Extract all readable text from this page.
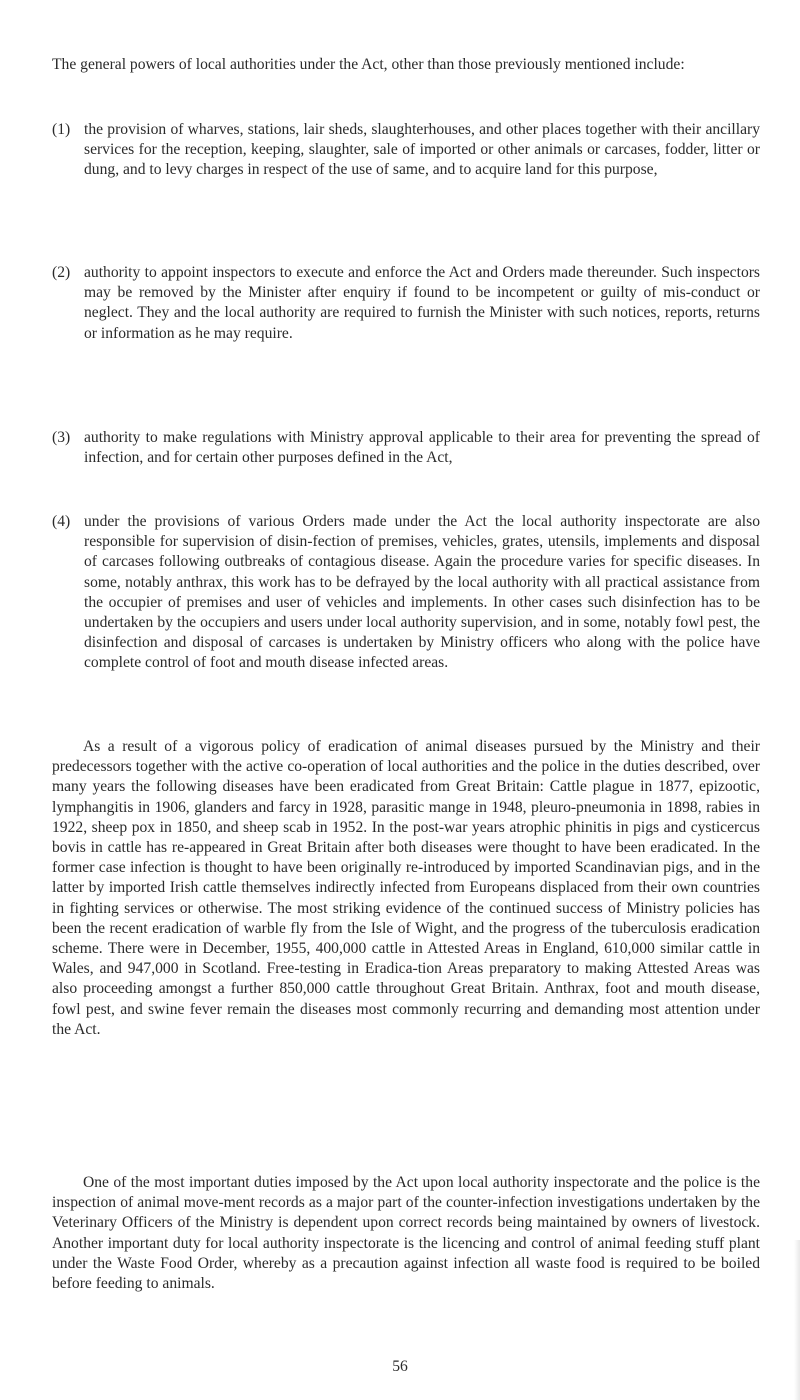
The general powers of local authorities under the Act, other than those previously mentioned include:

(1) the provision of wharves, stations, lair sheds, slaughterhouses, and other places together with their ancillary services for the reception, keeping, slaughter, sale of imported or other animals or carcases, fodder, litter or dung, and to levy charges in respect of the use of same, and to acquire land for this purpose,
(2) authority to appoint inspectors to execute and enforce the Act and Orders made thereunder. Such inspectors may be removed by the Minister after enquiry if found to be incompetent or guilty of mis-conduct or neglect. They and the local authority are required to furnish the Minister with such notices, reports, returns or information as he may require.
(3) authority to make regulations with Ministry approval applicable to their area for preventing the spread of infection, and for certain other purposes defined in the Act,
(4) under the provisions of various Orders made under the Act the local authority inspectorate are also responsible for supervision of disin-fection of premises, vehicles, grates, utensils, implements and disposal of carcases following outbreaks of contagious disease. Again the procedure varies for specific diseases. In some, notably anthrax, this work has to be defrayed by the local authority with all practical assistance from the occupier of premises and user of vehicles and implements. In other cases such disinfection has to be undertaken by the occupiers and users under local authority supervision, and in some, notably fowl pest, the disinfection and disposal of carcases is undertaken by Ministry officers who along with the police have complete control of foot and mouth disease infected areas.

As a result of a vigorous policy of eradication of animal diseases pursued by the Ministry and their predecessors together with the active co-operation of local authorities and the police in the duties described, over many years the following diseases have been eradicated from Great Britain: Cattle plague in 1877, epizootic, lymphangitis in 1906, glanders and farcy in 1928, parasitic mange in 1948, pleuro-pneumonia in 1898, rabies in 1922, sheep pox in 1850, and sheep scab in 1952. In the post-war years atrophic phinitis in pigs and cysticercus bovis in cattle has re-appeared in Great Britain after both diseases were thought to have been eradicated. In the former case infection is thought to have been originally re-introduced by imported Scandinavian pigs, and in the latter by imported Irish cattle themselves indirectly infected from Europeans displaced from their own countries in fighting services or otherwise. The most striking evidence of the continued success of Ministry policies has been the recent eradication of warble fly from the Isle of Wight, and the progress of the tuberculosis eradication scheme. There were in December, 1955, 400,000 cattle in Attested Areas in England, 610,000 similar cattle in Wales, and 947,000 in Scotland. Free-testing in Eradica-tion Areas preparatory to making Attested Areas was also proceeding amongst a further 850,000 cattle throughout Great Britain. Anthrax, foot and mouth disease, fowl pest, and swine fever remain the diseases most commonly recurring and demanding most attention under the Act.

One of the most important duties imposed by the Act upon local authority inspectorate and the police is the inspection of animal move-ment records as a major part of the counter-infection investigations undertaken by the Veterinary Officers of the Ministry is dependent upon correct records being maintained by owners of livestock. Another important duty for local authority inspectorate is the licencing and control of animal feeding stuff plant under the Waste Food Order, whereby as a precaution against infection all waste food is required to be boiled before feeding to animals.

56
